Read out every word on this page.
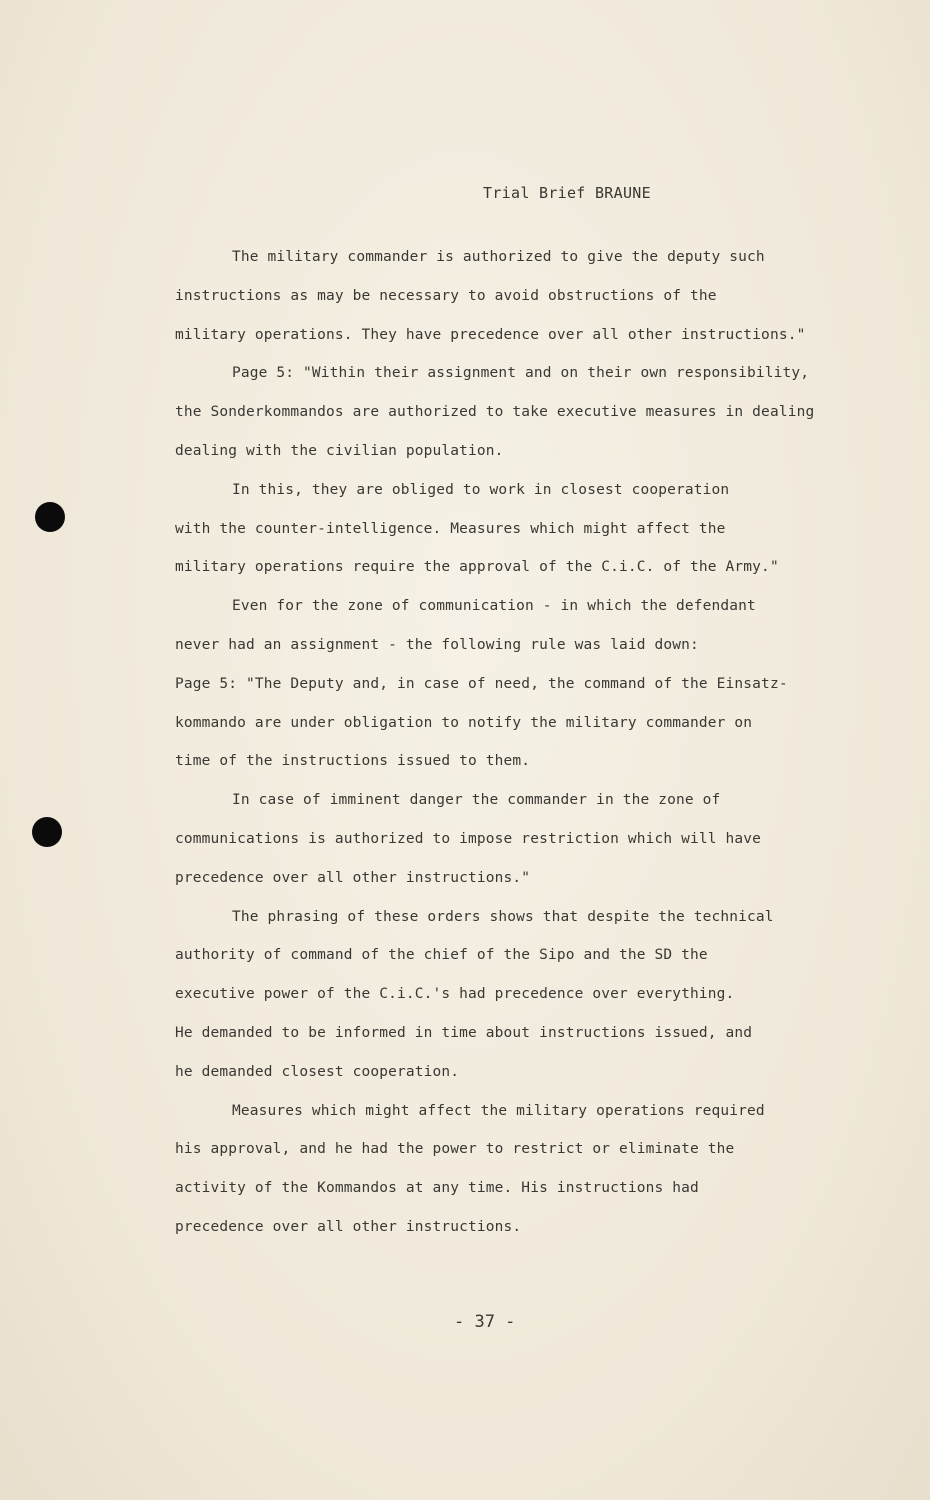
Trial Brief BRAUNE
The military commander is authorized to give the deputy such
instructions as may be necessary to avoid obstructions of the
military operations. They have precedence over all other instructions."
Page 5: "Within their assignment and on their own responsibility,
the Sonderkommandos are authorized to take executive measures in dealing
dealing with the civilian population.
In this, they are obliged to work in closest cooperation
with the counter-intelligence. Measures which might affect the
military operations require the approval of the C.i.C. of the Army."
Even for the zone of communication - in which the defendant
never had an assignment - the following rule was laid down:
Page 5: "The Deputy and, in case of need, the command of the Einsatz-
kommando are under obligation to notify the military commander on
time of the instructions issued to them.
In case of imminent danger the commander in the zone of
communications is authorized to impose restriction which will have
precedence over all other instructions."
The phrasing of these orders shows that despite the technical
authority of command of the chief of the Sipo and the SD the
executive power of the C.i.C.'s had precedence over everything.
He demanded to be informed in time about instructions issued, and
he demanded closest cooperation.
Measures which might affect the military operations required
his approval, and he had the power to restrict or eliminate the
activity of the Kommandos at any time. His instructions had
precedence over all other instructions.
- 37 -
